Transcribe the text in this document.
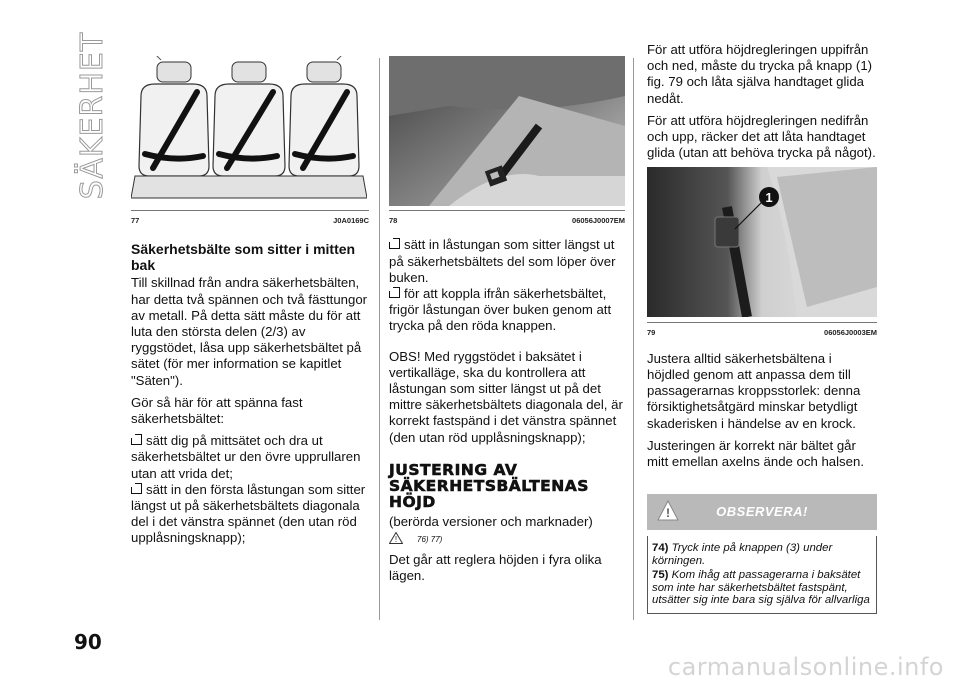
SÄKERHET
77	J0A0169C
Säkerhetsbälte som sitter i mitten bak

Till skillnad från andra säkerhetsbälten, har detta två spännen och två fästtungor av metall. På detta sätt måste du för att luta den största delen (2/3) av ryggstödet, låsa upp säkerhetsbältet på sätet (för mer information se kapitlet "Säten").

Gör så här för att spänna fast säkerhetsbältet:

sätt dig på mittsätet och dra ut säkerhetsbältet ur den övre upprullaren utan att vrida det;
sätt in den första låstungan som sitter längst ut på säkerhetsbältets diagonala del i det vänstra spännet (den utan röd upplåsningsknapp);
78	06056J0007EM
sätt in låstungan som sitter längst ut på säkerhetsbältets del som löper över buken.
för att koppla ifrån säkerhetsbältet, frigör låstungan över buken genom att trycka på den röda knappen.

OBS! Med ryggstödet i baksätet i vertikalläge, ska du kontrollera att låstungan som sitter längst ut på det mittre säkerhetsbältets diagonala del, är korrekt fastspänd i det vänstra spännet (den utan röd upplåsningsknapp);

JUSTERING AV SÄKERHETSBÄLTENAS HÖJD

(berörda versioner och marknader)

! 76) 77)

Det går att reglera höjden i fyra olika lägen.

För att utföra höjdregleringen uppifrån och ned, måste du trycka på knapp (1) fig. 79 och låta själva handtaget glida nedåt.

För att utföra höjdregleringen nedifrån och upp, räcker det att låta handtaget glida (utan att behöva trycka på något).

1
79	06056J0003EM

Justera alltid säkerhetsbältena i höjdled genom att anpassa dem till passagerarnas kroppsstorlek: denna försiktighetsåtgärd minskar betydligt skaderisken i händelse av en krock.

Justeringen är korrekt när bältet går mitt emellan axelns ände och halsen.

!	OBSERVERA!

74) Tryck inte på knappen (3) under körningen.

75) Kom ihåg att passagerarna i baksätet som inte har säkerhetsbältet fastspänt, utsätter sig inte bara sig själva för allvarliga

90
carmanualsonline.info
